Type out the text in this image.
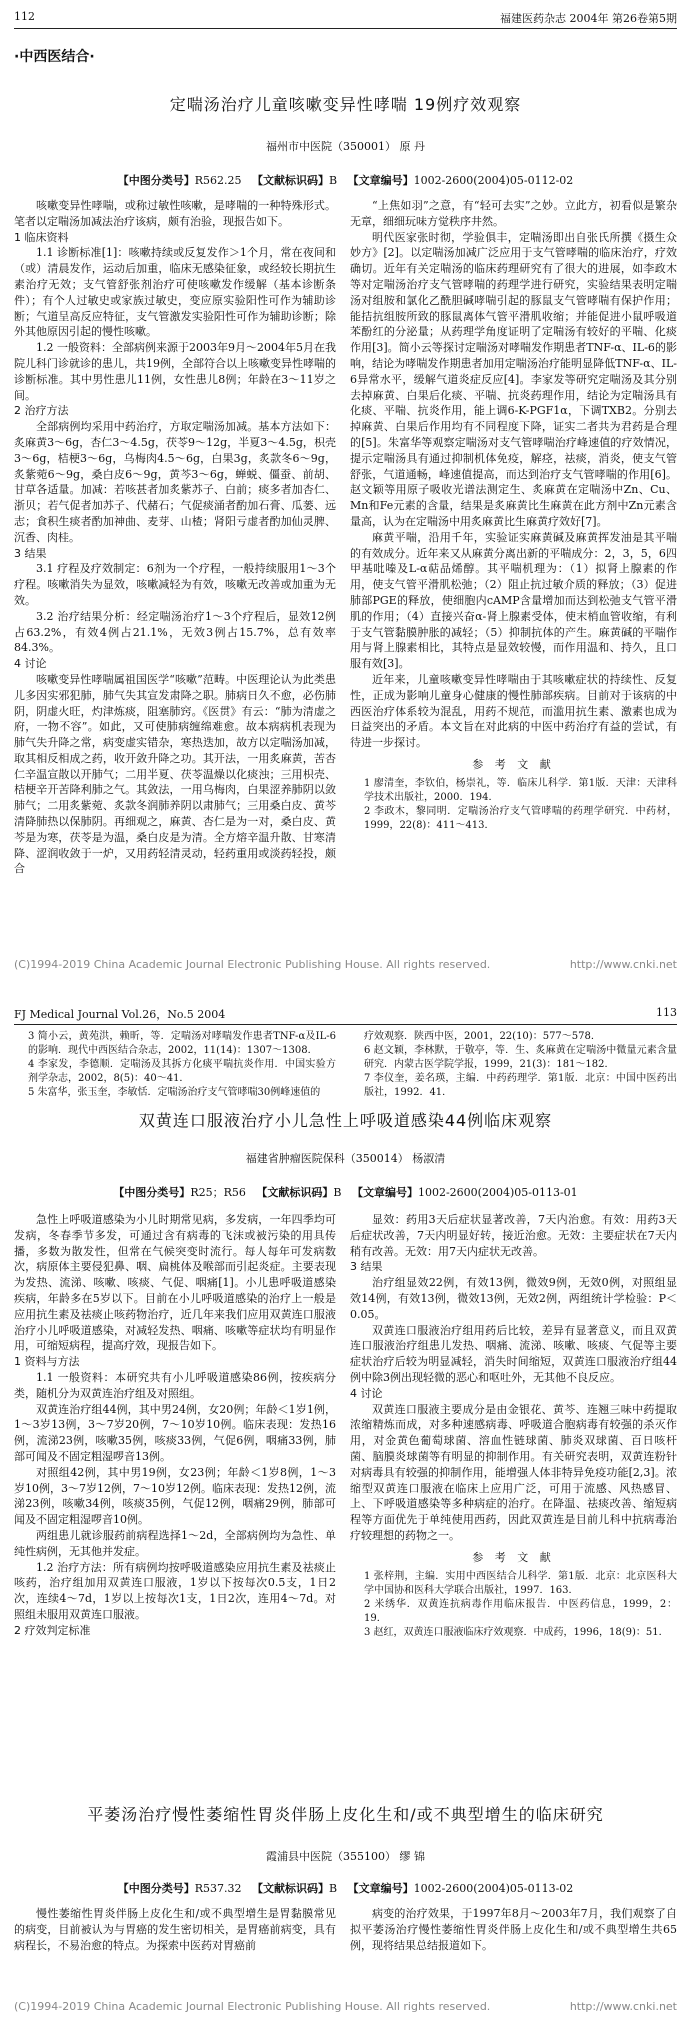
112	福建医药杂志 2004年 第26卷第5期
·中西医结合·
定喘汤治疗儿童咳嗽变异性哮喘 19例疗效观察
福州市中医院（350001） 原 丹
【中图分类号】R562.25 【文献标识码】B 【文章编号】1002-2600(2004)05-0112-02

咳嗽变异性哮喘，或称过敏性咳嗽，是哮喘的一种特殊形式。笔者以定喘汤加减法治疗该病，颇有治验，现报告如下。

1 临床资料

1.1 诊断标准[1]：咳嗽持续或反复发作＞1个月，常在夜间和（或）清晨发作，运动后加重，临床无感染征象，或经较长期抗生素治疗无效；支气管舒张剂治疗可使咳嗽发作缓解（基本诊断条件）；有个人过敏史或家族过敏史，变应原实验阳性可作为辅助诊断；气道呈高反应特征，支气管激发实验阳性可作为辅助诊断；除外其他原因引起的慢性咳嗽。

1.2 一般资料：全部病例来源于2003年9月～2004年5月在我院儿科门诊就诊的患儿，共19例，全部符合以上咳嗽变异性哮喘的诊断标准。其中男性患儿11例，女性患儿8例；年龄在3～11岁之间。

2 治疗方法

全部病例均采用中药治疗，方取定喘汤加减。基本方法如下：炙麻黄3～6g，杏仁3～4.5g，茯苓9～12g，半夏3～4.5g，枳壳3～6g，桔梗3～6g，乌梅肉4.5～6g，白果3g，炙款冬6～9g，炙紫菀6～9g，桑白皮6～9g，黄芩3～6g，蝉蜕、僵蚕、前胡、甘草各适量。加减：若咳甚者加炙紫苏子、白前；痰多者加杏仁、浙贝；若气促者加苏子、代赭石；气促痰涌者酌加石膏、瓜蒌、远志；食积生痰者酌加神曲、麦芽、山楂；肾阳亏虚者酌加仙灵脾、沉香、肉桂。

3 结果

3.1 疗程及疗效制定：6剂为一个疗程，一般持续服用1～3个疗程。咳嗽消失为显效，咳嗽减轻为有效，咳嗽无改善或加重为无效。

3.2 治疗结果分析：经定喘汤治疗1～3个疗程后，显效12例占63.2%，有效4例占21.1%，无效3例占15.7%，总有效率84.3%。

4 讨论

咳嗽变异性哮喘属祖国医学“咳嗽”范畴。中医理论认为此类患儿多因实邪犯肺，肺气失其宣发肃降之职。肺病日久不愈，必伤肺阴，阴虚火旺，灼津炼痰，阻塞肺窍。《医贯》有云：“肺为清虚之府，一物不容”。如此，又可使肺病缠绵难愈。故本病病机表现为肺气失升降之常，病变虚实错杂，寒热迭加，故方以定喘汤加减，取其相反相成之药，收开敛升降之功。其开法，一用炙麻黄，苦杏仁辛温宣散以开肺气；二用半夏、茯苓温燥以化痰浊；三用枳壳、桔梗辛开苦降利肺之气。其敛法，一用乌梅肉，白果涩养肺阴以敛肺气；二用炙紫菀、炙款冬润肺养阴以肃肺气；三用桑白皮、黄芩清降肺热以保肺阴。再细观之，麻黄、杏仁是为一对，桑白皮、黄芩是为寒，茯苓是为温，桑白皮是为清。全方熔辛温升散、甘寒清降、涩润收敛于一炉，又用药轻清灵动，轻药重用或淡药轻投，颇合

“上焦如羽”之意，有“轻可去实”之妙。立此方，初看似是繁杂无章，细细玩味方觉秩序井然。

明代医家张时彻，学验俱丰，定喘汤即出自张氏所撰《摄生众妙方》[2]。以定喘汤加减广泛应用于支气管哮喘的临床治疗，疗效确切。近年有关定喘汤的临床药理研究有了很大的进展，如李政木等对定喘汤治疗支气管哮喘的药理学进行研究，实验结果表明定喘汤对组胺和氯化乙酰胆碱哮喘引起的豚鼠支气管哮喘有保护作用；能拮抗组胺所致的豚鼠离体气管平滑肌收缩；并能促进小鼠呼吸道苯酚红的分泌量；从药理学角度证明了定喘汤有较好的平喘、化痰作用[3]。简小云等探讨定喘汤对哮喘发作期患者TNF-α、IL-6的影响，结论为哮喘发作期患者加用定喘汤治疗能明显降低TNF-α、IL-6异常水平，缓解气道炎症反应[4]。李家发等研究定喘汤及其分别去掉麻黄、白果后化痰、平喘、抗炎药理作用，结论为定喘汤具有化痰、平喘、抗炎作用，能上调6-K-PGF1α，下调TXB2。分别去掉麻黄、白果后作用均有不同程度下降，证实二者共为君药是合理的[5]。朱富华等观察定喘汤对支气管哮喘治疗峰速值的疗效情况，提示定喘汤具有通过抑制机体免疫，解痉，祛痰，消炎，使支气管舒张，气道通畅，峰速值提高，而达到治疗支气管哮喘的作用[6]。赵文颖等用原子吸收光谱法测定生、炙麻黄在定喘汤中Zn、Cu、Mn和Fe元素的含量，结果是炙麻黄比生麻黄在此方剂中Zn元素含量高，认为在定喘汤中用炙麻黄比生麻黄疗效好[7]。

麻黄平喘，沿用千年，实验证实麻黄碱及麻黄挥发油是其平喘的有效成分。近年来又从麻黄分离出新的平喘成分：2，3，5，6四甲基吡嗪及L-α萜品烯醇。其平喘机理为：（1）拟肾上腺素的作用，使支气管平滑肌松弛；（2）阻止抗过敏介质的释放；（3）促进肺部PGE的释放，使细胞内cAMP含量增加而达到松弛支气管平滑肌的作用；（4）直接兴奋α-肾上腺素受体，使末梢血管收缩，有利于支气管黏膜肿胀的减轻；（5）抑制抗体的产生。麻黄碱的平喘作用与肾上腺素相比，其特点是显效较慢，而作用温和、持久，且口服有效[3]。

近年来，儿童咳嗽变异性哮喘由于其咳嗽症状的持续性、反复性，正成为影响儿童身心健康的慢性肺部疾病。目前对于该病的中西医治疗体系较为混乱，用药不规范，而滥用抗生素、激素也成为日益突出的矛盾。本文旨在对此病的中医中药治疗有益的尝试，有待进一步探讨。

参 考 文 献

1 廖清奎，李钦伯，杨崇礼，等．临床儿科学．第1版．天津：天津科学技术出版社，2000．194．

2 李政木，黎同明．定喘汤治疗支气管哮喘的药理学研究．中药材，1999，22(8)：411～413．

(C)1994-2019 China Academic Journal Electronic Publishing House. All rights reserved.	http://www.cnki.net
FJ Medical Journal Vol.26，No.5 2004	113

3 简小云，黄苑洪，赖昕，等．定喘汤对哮喘发作患者TNF-α及IL-6的影响．现代中西医结合杂志，2002，11(14)：1307～1308．

4 李家发，李德顺．定喘汤及其拆方化痰平喘抗炎作用．中国实验方剂学杂志，2002，8(5)：40～41．

5 朱富华，张玉奎，李敏恬．定喘汤治疗支气管哮喘30例峰速值的

疗效观察．陕西中医，2001，22(10)：577～578．

6 赵文颖，李林默，于敬亭，等．生、炙麻黄在定喘汤中微量元素含量研究．内蒙古医学院学报，1999，21(3)：181～182．

7 李仪奎，姜名瑛，主编．中药药理学．第1版．北京：中国中医药出版社，1992．41．

双黄连口服液治疗小儿急性上呼吸道感染44例临床观察
福建省肿瘤医院保科（350014） 杨淑清
【中图分类号】R25；R56 【文献标识码】B 【文章编号】1002-2600(2004)05-0113-01

急性上呼吸道感染为小儿时期常见病，多发病，一年四季均可发病，冬春季节多发，可通过含有病毒的飞沫或被污染的用具传播，多数为散发性，但常在气候突变时流行。每人每年可发病数次，病原体主要侵犯鼻、咽、扁桃体及喉部而引起炎症。主要表现为发热、流涕、咳嗽、咳痰、气促、咽痛[1]。小儿患呼吸道感染疾病，年龄多在5岁以下。目前在小儿呼吸道感染的治疗上一般是应用抗生素及祛痰止咳药物治疗，近几年来我们应用双黄连口服液治疗小儿呼吸道感染，对减轻发热、咽痛、咳嗽等症状均有明显作用，可缩短病程，提高疗效，现报告如下。

1 资料与方法

1.1 一般资料：本研究共有小儿呼吸道感染86例，按疾病分类，随机分为双黄连治疗组及对照组。

双黄连治疗组44例，其中男24例，女20例；年龄＜1岁1例，1～3岁13例，3～7岁20例，7～10岁10例。临床表现：发热16例，流涕23例，咳嗽35例，咳痰33例，气促6例，咽痛33例，肺部可闻及不固定粗湿啰音13例。

对照组42例，其中男19例，女23例；年龄＜1岁8例，1～3岁10例，3～7岁12例，7～10岁12例。临床表现：发热12例，流涕23例，咳嗽34例，咳痰35例，气促12例，咽痛29例，肺部可闻及不固定粗湿啰音10例。

两组患儿就诊服药前病程选择1～2d，全部病例均为急性、单纯性病例，无其他并发症。

1.2 治疗方法：所有病例均按呼吸道感染应用抗生素及祛痰止咳药，治疗组加用双黄连口服液，1岁以下按每次0.5支，1日2次，连续4～7d，1岁以上按每次1支，1日2次，连用4～7d。对照组未服用双黄连口服液。

2 疗效判定标准

显效：药用3天后症状显著改善，7天内治愈。有效：用药3天后症状改善，7天内明显好转，接近治愈。无效：主要症状在7天内稍有改善。无效：用7天内症状无改善。

3 结果

治疗组显效22例，有效13例，微效9例，无效0例，对照组显效14例，有效13例，微效13例，无效2例，两组统计学检验：P＜0.05。

双黄连口服液治疗组用药后比较，差异有显著意义，而且双黄连口服液治疗组患儿发热、咽痛、流涕、咳嗽、咳痰、气促等主要症状治疗后较为明显减轻，消失时间缩短，双黄连口服液治疗组44例中除3例出现轻微的恶心和呕吐外，无其他不良反应。

4 讨论

双黄连口服液主要成分是由金银花、黄芩、连翘三味中药提取浓缩精炼而成，对多种速感病毒、呼吸道合胞病毒有较强的杀灭作用，对金黄色葡萄球菌、溶血性链球菌、肺炎双球菌、百日咳杆菌、脑膜炎球菌等有明显的抑制作用。有关研究表明，双黄连粉针对病毒具有较强的抑制作用，能增强人体非特异免疫功能[2,3]。浓缩型双黄连口服液在临床上应用广泛，可用于流感、风热感冒、上、下呼吸道感染等多种病症的治疗。在降温、祛痰改善、缩短病程等方面优先于单纯使用西药，因此双黄连是目前儿科中抗病毒治疗较理想的药物之一。

参 考 文 献

1 张梓荆，主编．实用中西医结合儿科学．第1版．北京：北京医科大学中国协和医科大学联合出版社，1997．163．

2 米绣华．双黄连抗病毒作用临床报告．中医药信息，1999，2：19．

3 赵红，双黄连口服液临床疗效观察．中成药，1996，18(9)：51．

平萎汤治疗慢性萎缩性胃炎伴肠上皮化生和/或不典型增生的临床研究
霞浦县中医院（355100） 缪 锦
【中图分类号】R537.32 【文献标识码】B 【文章编号】1002-2600(2004)05-0113-02

慢性萎缩性胃炎伴肠上皮化生和/或不典型增生是胃黏膜常见的病变，目前被认为与胃癌的发生密切相关，是胃癌前病变，具有病程长，不易治愈的特点。为探索中医药对胃癌前

病变的治疗效果，于1997年8月～2003年7月，我们观察了自拟平萎汤治疗慢性萎缩性胃炎伴肠上皮化生和/或不典型增生共65例，现将结果总结报道如下。

(C)1994-2019 China Academic Journal Electronic Publishing House. All rights reserved.	http://www.cnki.net
